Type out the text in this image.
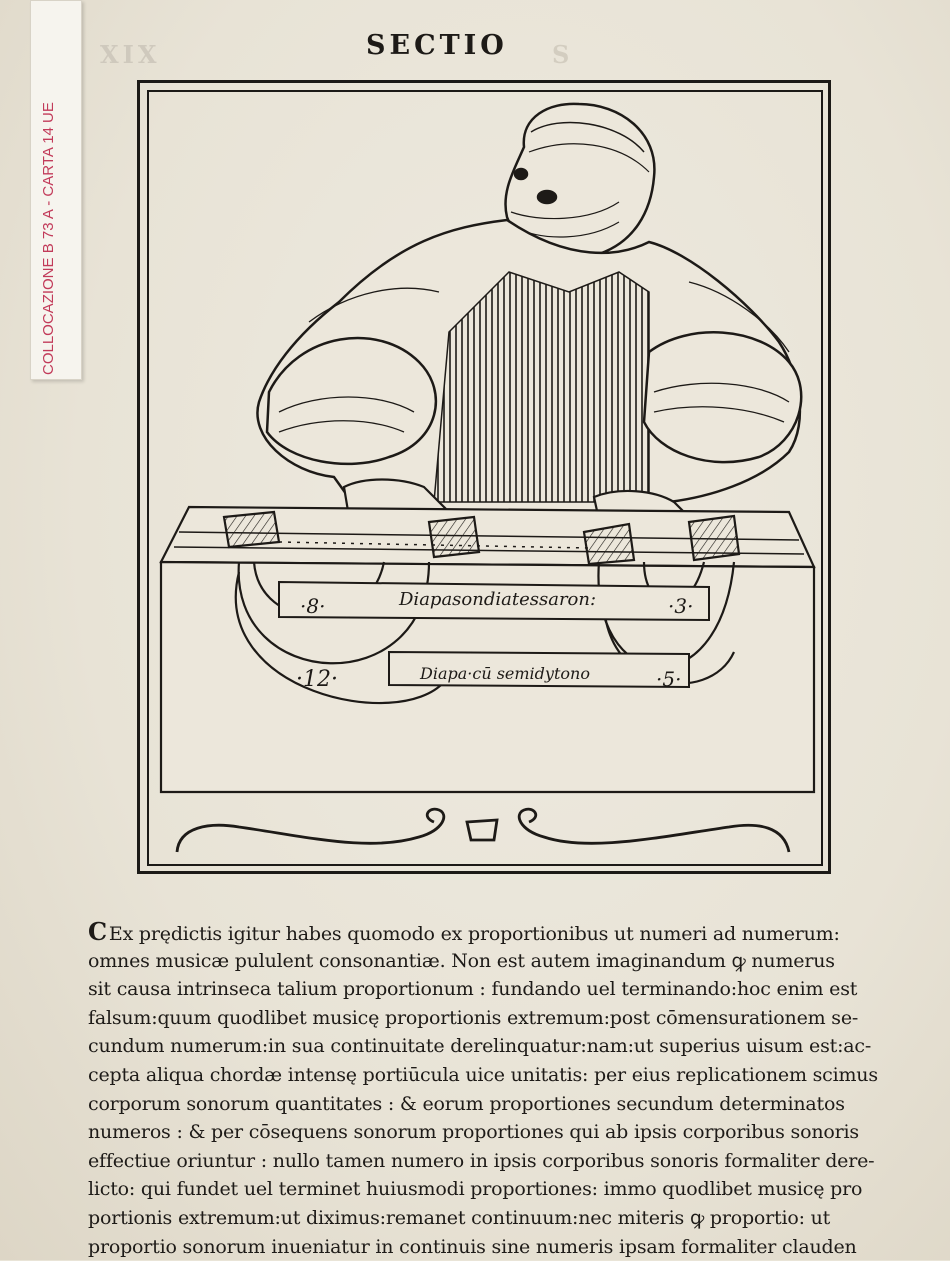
XIX	S
SECTIO
COLLOCAZIONE B 73 A - CARTA 14 UE
Diapasondiatessaron:
Diapa·cū semidytono
·8·	·3·
·12·	·5·
C Ex prędictis igitur habes quomodo ex proportionibus ut numeri ad numerum:
omnes musicæ pululent consonantiæ. Non est autem imaginandum ꝙ numerus
sit causa intrinseca talium proportionum : fundando uel terminando:hoc enim est
falsum:quum quodlibet musicę proportionis extremum:post cōmensurationem se-
cundum numerum:in sua continuitate derelinquatur:nam:ut superius uisum est:ac-
cepta aliqua chordæ intensę portiūcula uice unitatis: per eius replicationem scimus
corporum sonorum quantitates : & eorum proportiones secundum determinatos
numeros : & per cōsequens sonorum proportiones qui ab ipsis corporibus sonoris
effectiue oriuntur : nullo tamen numero in ipsis corporibus sonoris formaliter dere-
licto: qui fundet uel terminet huiusmodi proportiones: immo quodlibet musicę pro
portionis extremum:ut diximus:remanet continuum:nec miteris ꝙ proportio: ut
proportio sonorum inueniatur in continuis sine numeris ipsam formaliter clauden
